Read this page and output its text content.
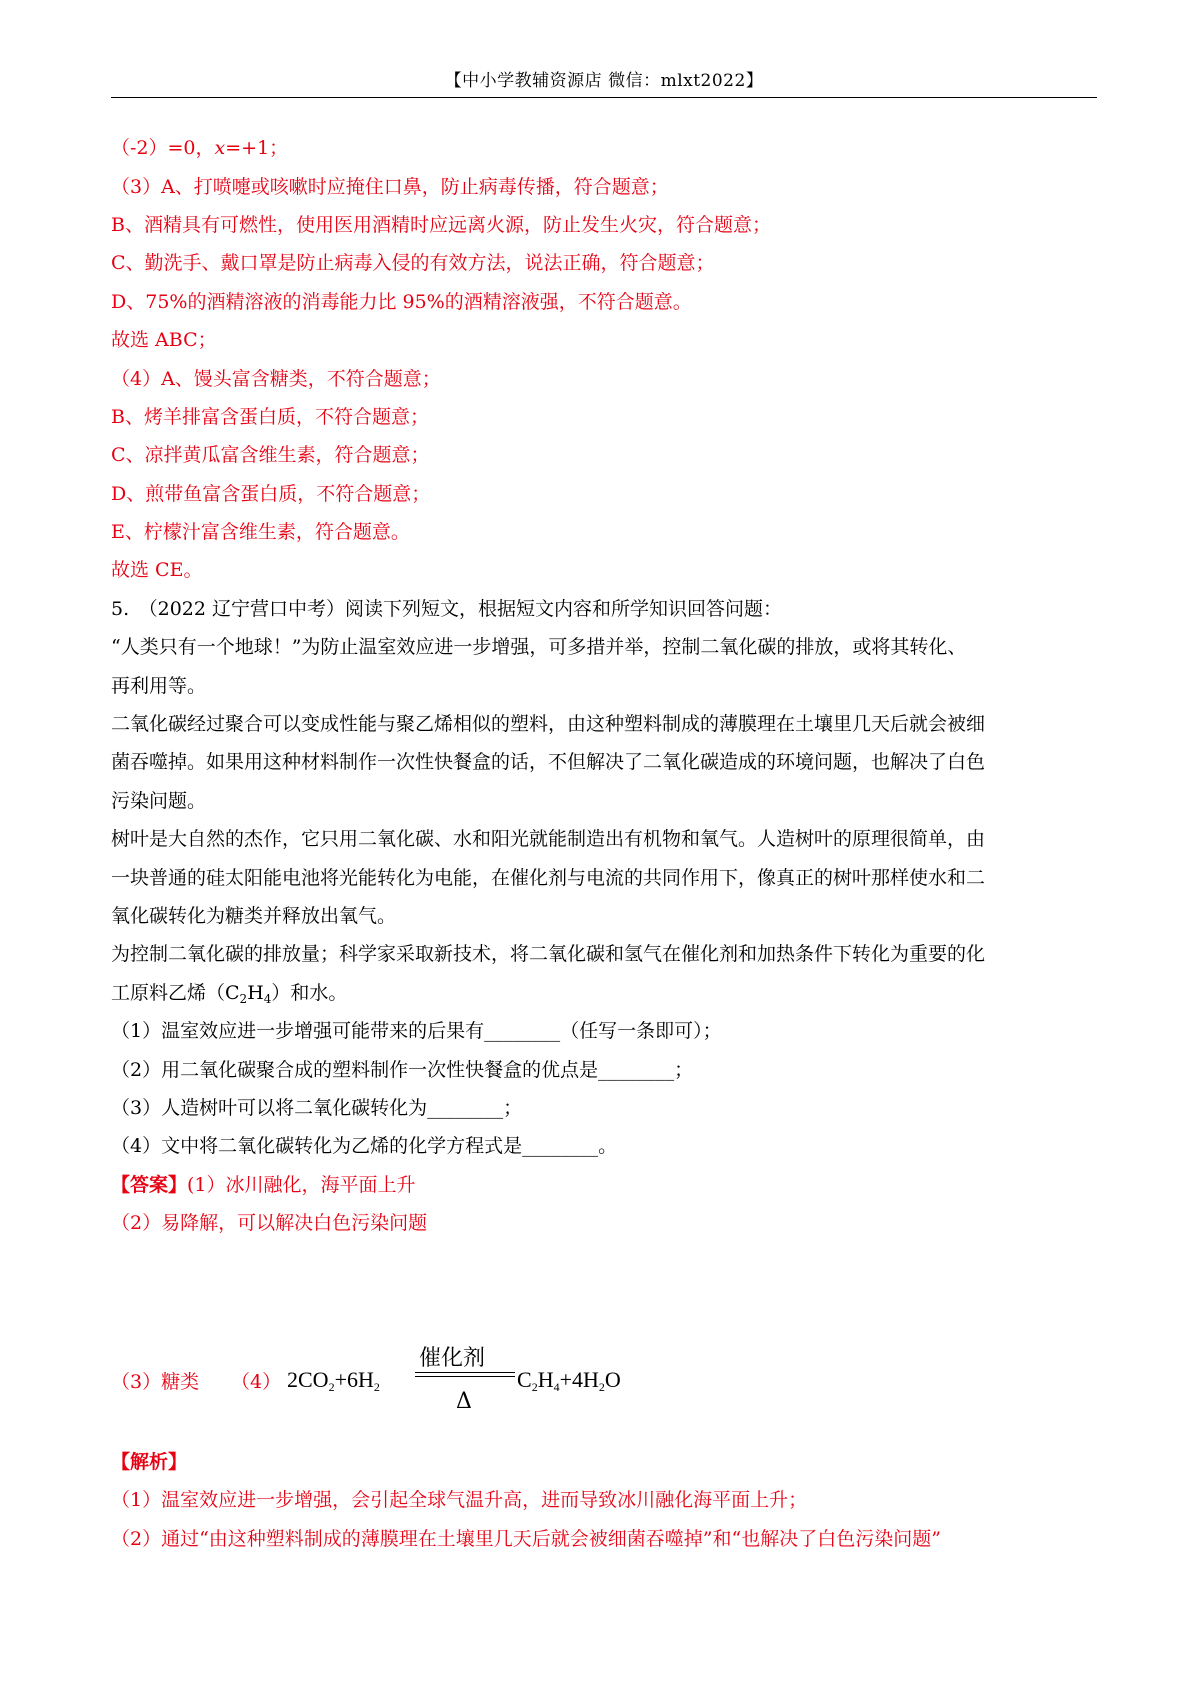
【中小学教辅资源店 微信：mlxt2022】
（-2）=0，x=+1；
（3）A、打喷嚏或咳嗽时应掩住口鼻，防止病毒传播，符合题意；
B、酒精具有可燃性，使用医用酒精时应远离火源，防止发生火灾，符合题意；
C、勤洗手、戴口罩是防止病毒入侵的有效方法，说法正确，符合题意；
D、75%的酒精溶液的消毒能力比 95%的酒精溶液强，不符合题意。
故选 ABC；
（4）A、馒头富含糖类，不符合题意；
B、烤羊排富含蛋白质，不符合题意；
C、凉拌黄瓜富含维生素，符合题意；
D、煎带鱼富含蛋白质，不符合题意；
E、柠檬汁富含维生素，符合题意。
故选 CE。
5.　（2022 辽宁营口中考）阅读下列短文，根据短文内容和所学知识回答问题：
“人类只有一个地球！”为防止温室效应进一步增强，可多措并举，控制二氧化碳的排放，或将其转化、
再利用等。
二氧化碳经过聚合可以变成性能与聚乙烯相似的塑料，由这种塑料制成的薄膜理在土壤里几天后就会被细
菌吞噬掉。如果用这种材料制作一次性快餐盒的话，不但解决了二氧化碳造成的环境问题，也解决了白色
污染问题。
树叶是大自然的杰作，它只用二氧化碳、水和阳光就能制造出有机物和氧气。人造树叶的原理很简单，由
一块普通的硅太阳能电池将光能转化为电能，在催化剂与电流的共同作用下，像真正的树叶那样使水和二
氧化碳转化为糖类并释放出氧气。
为控制二氧化碳的排放量；科学家采取新技术，将二氧化碳和氢气在催化剂和加热条件下转化为重要的化
工原料乙烯$(C_2H_4)$和水。
（1）温室效应进一步增强可能带来的后果有________（任写一条即可）；
（2）用二氧化碳聚合成的塑料制作一次性快餐盒的优点是________；
（3）人造树叶可以将二氧化碳转化为________；
（4）文中将二氧化碳转化为乙烯的化学方程式是________。
【答案】(1）冰川融化，海平面上升
（2）易降解，可以解决白色污染问题
（3）糖类 （4） $2CO_2+6H_2$
催化剂
Δ
$C_2H_4+4H_2O$
【解析】
（1）温室效应进一步增强，会引起全球气温升高，进而导致冰川融化海平面上升；
（2）通过“由这种塑料制成的薄膜理在土壤里几天后就会被细菌吞噬掉”和“也解决了白色污染问题”
